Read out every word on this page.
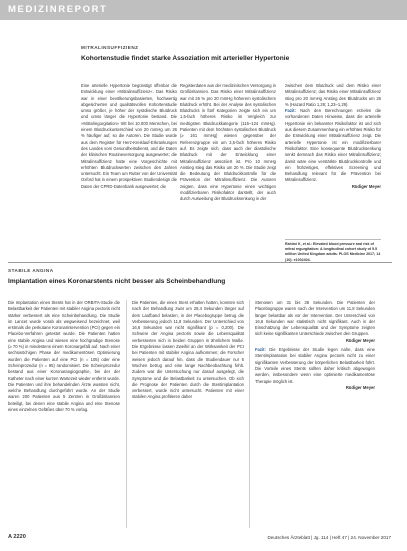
MEDIZINREPORT
MITRALINSUFFIZIENZ
Kohortenstudie findet starke Assoziation mit arterieller Hypertonie

Eine arterielle Hypertonie begünstigt offenbar die Entwicklung einer »Mitralinsuffizienz«. Das Risiko war in einer bevölkerungsbasierten, hochwertig abgesicherten und qualitätsvollen Kohortenstudie umso größer, je höher der systolische Blutdruck und umso länger die Hypertonie bestand. Die »Mitralregurgitation« tritt bei 10.000 Menschen, bei einem Blutdruckunterschied von 20 mmHg um 26 % häufiger auf, so die Autoren. Die Studie wurde aus dem Register für Herz-Kreislauf-Erkrankungen des Landes vom Gesundheitsdienst, und die Daten der klinischen Routineversorgung ausgewertet; die Mitralinsuffizienz hatte eine Vorgeschichte mit erhöhten Blutdruckwerten zwischen den Jahren untersucht. Ein Team um Rutter von der Universität Oxford hat in einem prospektiven Studiendesign die Daten der CPRD-Datenbank ausgewertet; die

Registerdaten aus der medizinischen Versorgung in Großbritannien. Das Risiko einer Mitralinsuffizienz war mit 26 % pro 20 mmHg höherem systolischem Blutdruck erhöht. Bei der Analyse des systolischen Blutdrucks in fünf Kategorien zeigte sich ein um 1,5-fach höheres Risiko im Vergleich zur niedrigsten Blutdruckkategorie (115–124 mmHg). Patienten mit dem höchsten systolischen Blutdruck (≥ 161 mmHg) wiesen gegenüber der Referenzgruppe ein um 3,5-fach höheres Risiko auf. Es zeigte sich, dass auch der diastolische Blutdruck mit der Entwicklung einer Mitralinsuffizienz assoziiert ist. Pro 10 mmHg Anstieg stieg das Risiko um 20 %. Die Studie zeigt die Bedeutung der Blutdruckkontrolle für die Prävention der Mitralinsuffizienz. Die Autoren zeigten, dass eine Hypertonie einen wichtigen modifizierbaren Risikofaktor darstellt, der auch durch Ausweitung der Blutdrucksenkung in der

zwischen dem Blutdruck und dem Risiko einer Mitralinsuffizienz; das Risiko einer Mitralinsuffizienz stieg pro 20 mmHg Anstieg des Blutdrucks um 26 % (Hazard Ratio 1,26; 1,23–1,29).

Fazit: Nach den Berechnungen erzielen die vorhandenen Daten Hinweise, dass die arterielle Hypertonie ein bekannter Risikofaktor ist und sich aus diesem Zusammenhang ein erhöhtes Risiko für die Entwicklung einer Mitralinsuffizienz zeigt. Die arterielle Hypertonie ist ein modifizierbarer Risikofaktor. Eine konsequente Blutdrucksenkung senkt demnach das Risiko einer Mitralinsuffizienz; damit wäre eine verstärkte Blutdruckkontrolle und ein frühzeitiges, effektives Screening und Behandlung relevant für die Prävention bei Mitralinsuffizienz.

Rüdiger Meyer

Rahimi K, et al.: Elevated blood pressure and risk of mitral regurgitation: A longitudinal cohort study of 5.5 million United Kingdom adults. PLOS Medicine 2017; 14 (10): e1002404.
STABILE ANGINA
Implantation eines Koronarstents nicht besser als Scheinbehandlung

Die Implantation eines Stents hat in der ORBITA-Studie die Belastbarkeit der Patienten mit stabiler Angina pectoris nicht stärker verbessert als eine Scheinbehandlung. Die Studie im Lancet wurde vorab als wegweisend bezeichnet, weil erstmals die perkutane Koronarintervention (PCI) gegen ein Placebo-Verfahren getestet wurde. Die Patienten hatten eine stabile Angina und wiesen eine hochgradige Stenose (≥ 70 %) in mindestens einem Koronargefäß auf. Nach einer sechswöchigen Phase der medikamentösen Optimierung wurden die Patienten auf eine PCI (n = 105) oder eine Scheinprozedur (n = 95) randomisiert. Die Scheinprozedur bestand aus einer Koronarangiographie, bei der der Katheter nach einer kurzen Wartezeit wieder entfernt wurde. Die Patienten und ihre behandelnden Ärzte wussten nicht, welche Behandlung durchgeführt wurde. An der Studie waren 200 Patienten aus 5 Zentren in Großbritannien beteiligt, bei denen eine stabile Angina und eine Stenose eines einzelnen Gefäßes über 70 % vorlag.

Die Patienten, die einen Stent erhalten hatten, konnten sich nach der Behandlung zwar um 28,4 Sekunden länger auf dem Laufband belasten, in der Placebogruppe betrug die Verbesserung jedoch 11,8 Sekunden. Der Unterschied von 16,6 Sekunden war nicht signifikant (p = 0,200). Die Schwere der Angina pectoris sowie die Lebensqualität verbesserten sich in beiden Gruppen in ähnlichem Maße. Die Ergebnisse lassen Zweifel an der Wirksamkeit der PCI bei Patienten mit stabiler Angina aufkommen; die Forscher weisen jedoch darauf hin, dass die Studiendauer nur 6 Wochen betrug und eine lange Nachbeobachtung fehlt. Zudem war die Untersuchung nur darauf ausgelegt, die Symptome und die Belastbarkeit zu untersuchen. Ob sich die Prognose der Patienten durch die Stentimplantation verbessert, wurde nicht untersucht. Patienten mit einer stabilen Angina profitieren daher

Stenosen um 31 bis 38 Sekunden. Die Patienten der Placebogruppe waren nach der Intervention um 11,8 Sekunden länger belastbar als vor der Intervention. Der Unterschied von 16,6 Sekunden war statistisch nicht signifikant. Auch in der Einschätzung der Lebensqualität und der Symptome zeigten sich keine signifikanten Unterschiede zwischen den Gruppen.

Rüdiger Meyer

Fazit: Die Ergebnisse der Studie legen nahe, dass eine Stentimplantation bei stabiler Angina pectoris nicht zu einer signifikanten Verbesserung der körperlichen Belastbarkeit führt. Die Vorteile eines Stents sollten daher kritisch abgewogen werden, insbesondere wenn eine optimierte medikamentöse Therapie möglich ist.

Rüdiger Meyer

A 2220	Deutsches Ärzteblatt | Jg. 114 | Heft 47 | 24. November 2017
